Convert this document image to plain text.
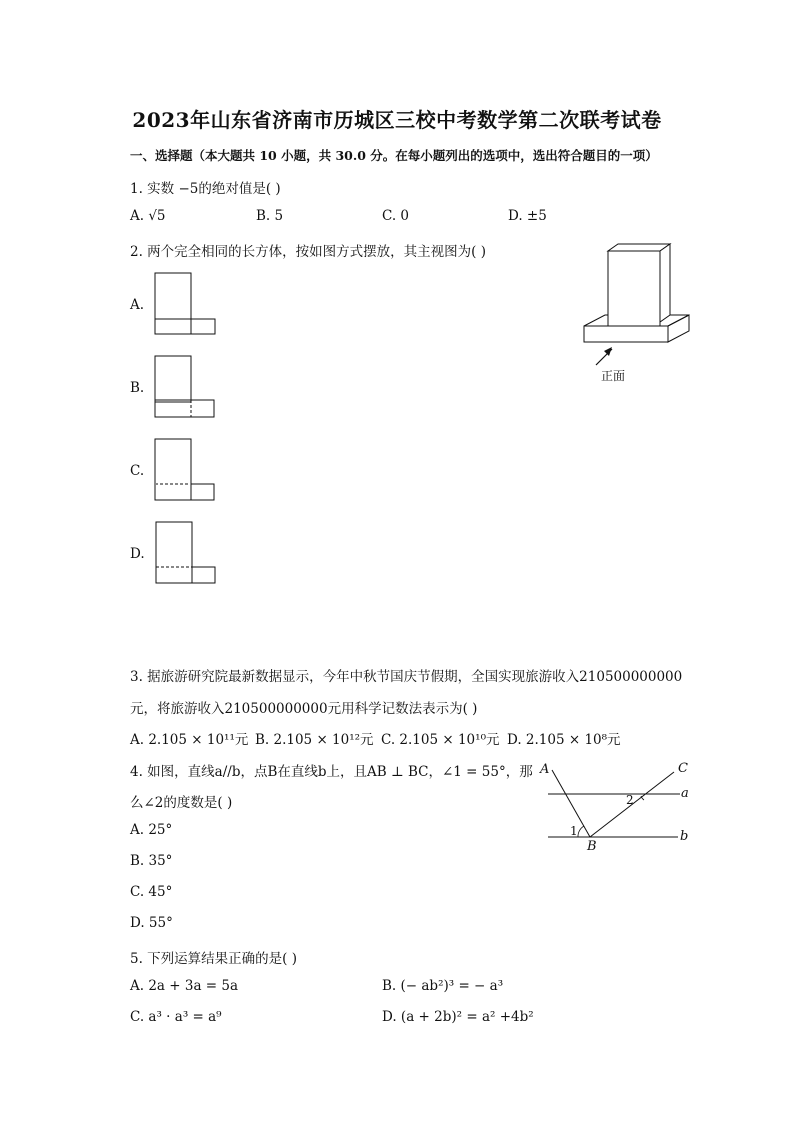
2023年山东省济南市历城区三校中考数学第二次联考试卷
一、选择题（本大题共 10 小题，共 30.0 分。在每小题列出的选项中，选出符合题目的一项）
1. 实数 −5的绝对值是( )
A. √5	B. 5	C. 0	D. ±5
2. 两个完全相同的长方体，按如图方式摆放，其主视图为( )
A.
B.
C.
D.
正面
3. 据旅游研究院最新数据显示，今年中秋节国庆节假期，全国实现旅游收入210500000000
元，将旅游收入210500000000元用科学记数法表示为( )
A. 2.105 × 10¹¹元 B. 2.105 × 10¹²元 C. 2.105 × 10¹⁰元 D. 2.105 × 10⁸元
4. 如图，直线a//b，点B在直线b上，且AB ⊥ BC，∠1 = 55°，那
么∠2的度数是( )
A. 25°
B. 35°
C. 45°
D. 55°
A	C
a
b
B
1
2
5. 下列运算结果正确的是( )
A. 2a + 3a = 5a	B. (− ab²)³ = − a³
C. a³ · a³ = a⁹	D. (a + 2b)² = a² +4b²
